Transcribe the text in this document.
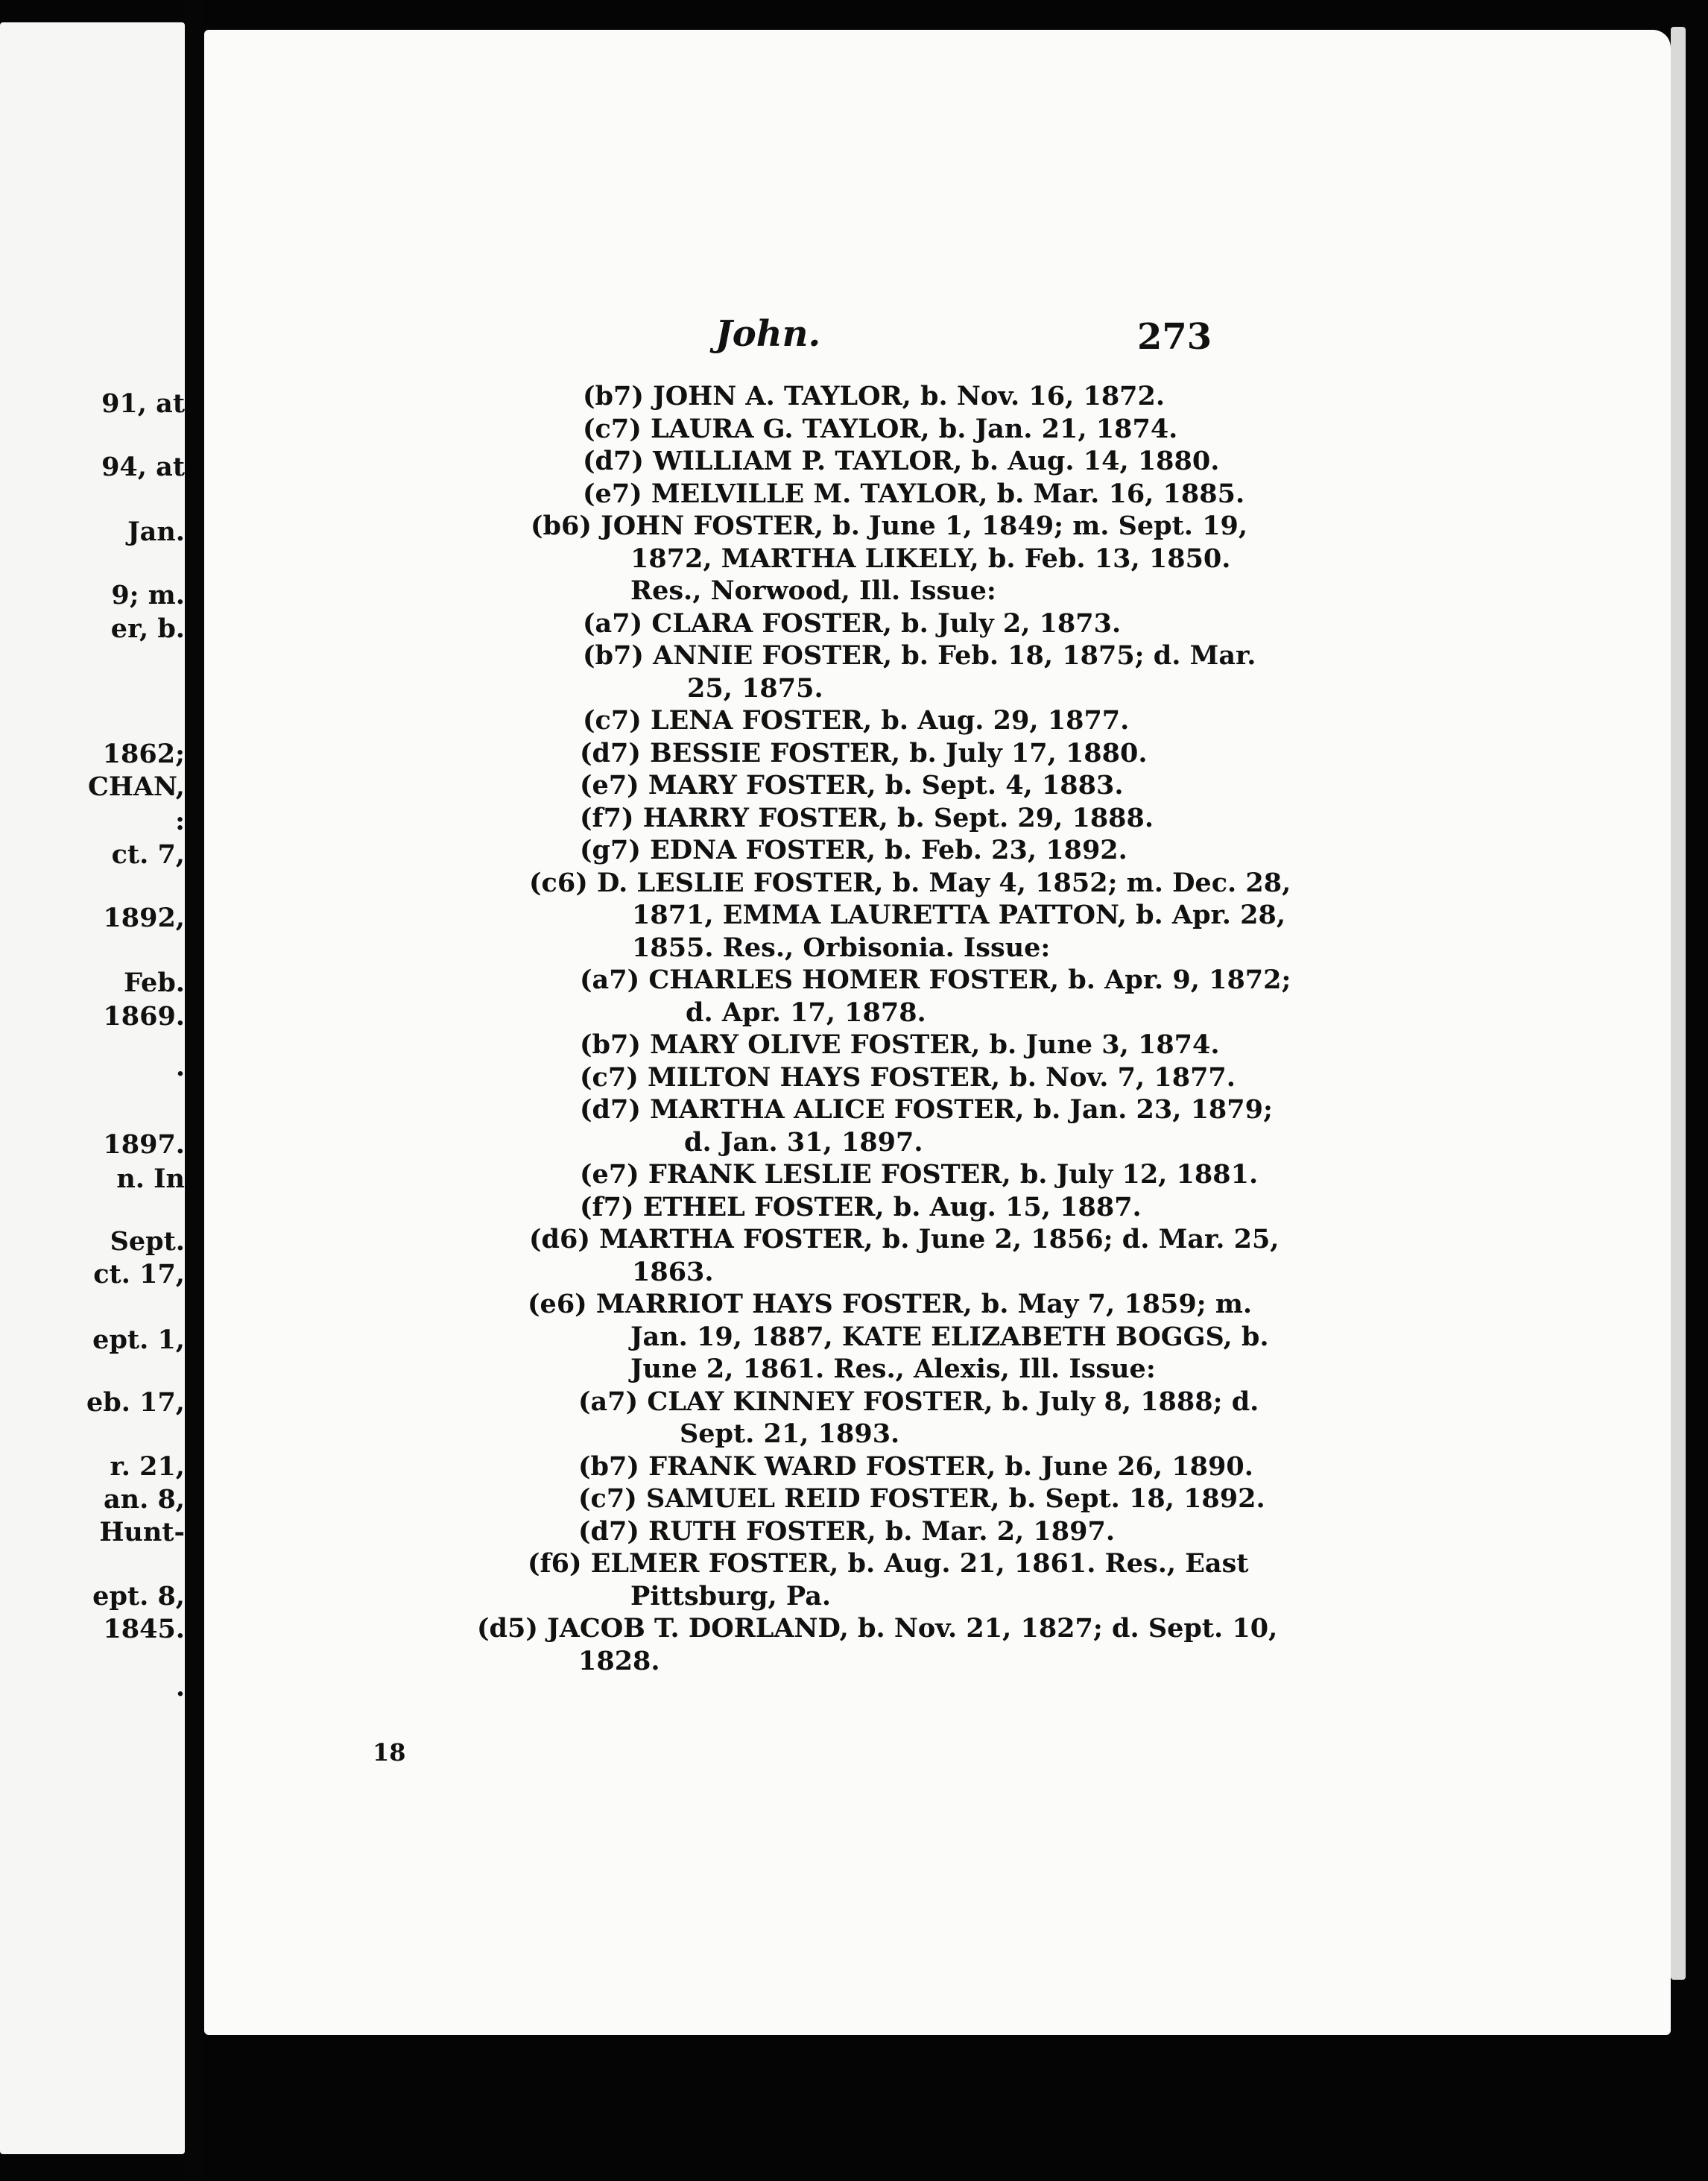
91, at
94, at
Jan.
9; m.
er, b.
1862;
CHAN,
:
ct. 7,
1892,
Feb.
1869.
.
1897.
n. In
Sept.
ct. 17,
ept. 1,
eb. 17,
r. 21,
an. 8,
Hunt-
ept. 8,
1845.
.
John.	273
(b7) JOHN A. TAYLOR, b. Nov. 16, 1872.
(c7) LAURA G. TAYLOR, b. Jan. 21, 1874.
(d7) WILLIAM P. TAYLOR, b. Aug. 14, 1880.
(e7) MELVILLE M. TAYLOR, b. Mar. 16, 1885.
(b6) JOHN FOSTER, b. June 1, 1849; m. Sept. 19,
1872, MARTHA LIKELY, b. Feb. 13, 1850.
Res., Norwood, Ill. Issue:
(a7) CLARA FOSTER, b. July 2, 1873.
(b7) ANNIE FOSTER, b. Feb. 18, 1875; d. Mar.
25, 1875.
(c7) LENA FOSTER, b. Aug. 29, 1877.
(d7) BESSIE FOSTER, b. July 17, 1880.
(e7) MARY FOSTER, b. Sept. 4, 1883.
(f7) HARRY FOSTER, b. Sept. 29, 1888.
(g7) EDNA FOSTER, b. Feb. 23, 1892.
(c6) D. LESLIE FOSTER, b. May 4, 1852; m. Dec. 28,
1871, EMMA LAURETTA PATTON, b. Apr. 28,
1855. Res., Orbisonia. Issue:
(a7) CHARLES HOMER FOSTER, b. Apr. 9, 1872;
d. Apr. 17, 1878.
(b7) MARY OLIVE FOSTER, b. June 3, 1874.
(c7) MILTON HAYS FOSTER, b. Nov. 7, 1877.
(d7) MARTHA ALICE FOSTER, b. Jan. 23, 1879;
d. Jan. 31, 1897.
(e7) FRANK LESLIE FOSTER, b. July 12, 1881.
(f7) ETHEL FOSTER, b. Aug. 15, 1887.
(d6) MARTHA FOSTER, b. June 2, 1856; d. Mar. 25,
1863.
(e6) MARRIOT HAYS FOSTER, b. May 7, 1859; m.
Jan. 19, 1887, KATE ELIZABETH BOGGS, b.
June 2, 1861. Res., Alexis, Ill. Issue:
(a7) CLAY KINNEY FOSTER, b. July 8, 1888; d.
Sept. 21, 1893.
(b7) FRANK WARD FOSTER, b. June 26, 1890.
(c7) SAMUEL REID FOSTER, b. Sept. 18, 1892.
(d7) RUTH FOSTER, b. Mar. 2, 1897.
(f6) ELMER FOSTER, b. Aug. 21, 1861. Res., East
Pittsburg, Pa.
(d5) JACOB T. DORLAND, b. Nov. 21, 1827; d. Sept. 10,
1828.
18
